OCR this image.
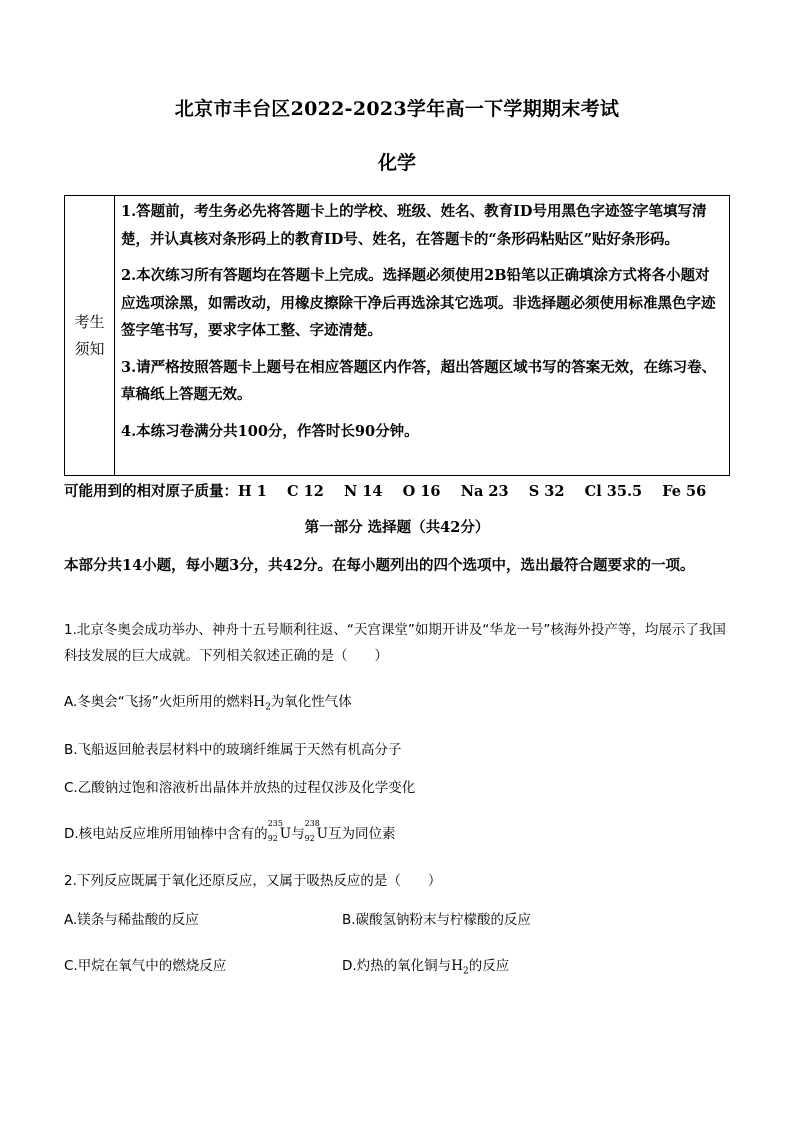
北京市丰台区2022-2023学年高一下学期期末考试
化学
考生
须知

1.答题前，考生务必先将答题卡上的学校、班级、姓名、教育ID号用黑色字迹签字笔填写清楚，并认真核对条形码上的教育ID号、姓名，在答题卡的“条形码粘贴区”贴好条形码。

2.本次练习所有答题均在答题卡上完成。选择题必须使用2B铅笔以正确填涂方式将各小题对应选项涂黑，如需改动，用橡皮擦除干净后再选涂其它选项。非选择题必须使用标准黑色字迹签字笔书写，要求字体工整、字迹清楚。

3.请严格按照答题卡上题号在相应答题区内作答，超出答题区域书写的答案无效，在练习卷、草稿纸上答题无效。

4.本练习卷满分共100分，作答时长90分钟。

可能用到的相对原子质量：H 1    C 12    N 14    O 16    Na 23    S 32    Cl 35.5    Fe 56
第一部分 选择题（共42分）
本部分共14小题，每小题3分，共42分。在每小题列出的四个选项中，选出最符合题要求的一项。
1.北京冬奥会成功举办、神舟十五号顺利往返、“天宫课堂”如期开讲及“华龙一号”核海外投产等，均展示了我国科技发展的巨大成就。下列相关叙述正确的是（　　）
A.冬奥会“飞扬”火炬所用的燃料$H_2$为氧化性气体
B.飞船返回舱表层材料中的玻璃纤维属于天然有机高分子
C.乙酸钠过饱和溶液析出晶体并放热的过程仅涉及化学变化
D.核电站反应堆所用铀棒中含有的
235
92 U与
238
92 U互为同位素
2.下列反应既属于氧化还原反应，又属于吸热反应的是（　　）
A.镁条与稀盐酸的反应	B.碳酸氢钠粉末与柠檬酸的反应
C.甲烷在氧气中的燃烧反应	D.灼热的氧化铜与$H_2$的反应
